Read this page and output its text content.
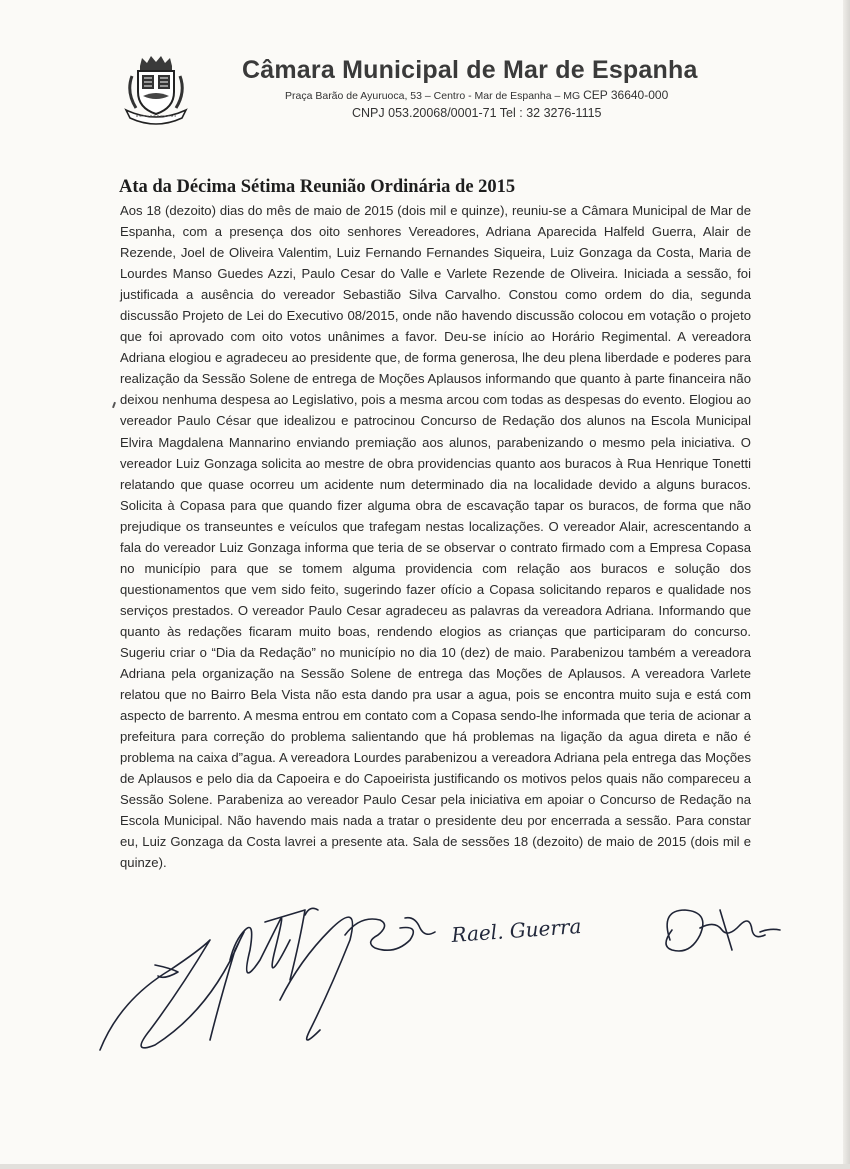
Câmara Municipal de Mar de Espanha
Praça Barão de Ayuruoca, 53 – Centro - Mar de Espanha – MG CEP 36640-000
CNPJ 053.20068/0001-71 Tel : 32 3276-1115
Ata da Décima Sétima Reunião Ordinária de 2015

Aos 18 (dezoito) dias do mês de maio de 2015 (dois mil e quinze), reuniu-se a Câmara Municipal de Mar de Espanha, com a presença dos oito senhores Vereadores, Adriana Aparecida Halfeld Guerra, Alair de Rezende, Joel de Oliveira Valentim, Luiz Fernando Fernandes Siqueira, Luiz Gonzaga da Costa, Maria de Lourdes Manso Guedes Azzi, Paulo Cesar do Valle e Varlete Rezende de Oliveira. Iniciada a sessão, foi justificada a ausência do vereador Sebastião Silva Carvalho. Constou como ordem do dia, segunda discussão Projeto de Lei do Executivo 08/2015, onde não havendo discussão colocou em votação o projeto que foi aprovado com oito votos unânimes a favor. Deu-se início ao Horário Regimental. A vereadora Adriana elogiou e agradeceu ao presidente que, de forma generosa, lhe deu plena liberdade e poderes para realização da Sessão Solene de entrega de Moções Aplausos informando que quanto à parte financeira não deixou nenhuma despesa ao Legislativo, pois a mesma arcou com todas as despesas do evento. Elogiou ao vereador Paulo César que idealizou e patrocinou Concurso de Redação dos alunos na Escola Municipal Elvira Magdalena Mannarino enviando premiação aos alunos, parabenizando o mesmo pela iniciativa. O vereador Luiz Gonzaga solicita ao mestre de obra providencias quanto aos buracos à Rua Henrique Tonetti relatando que quase ocorreu um acidente num determinado dia na localidade devido a alguns buracos. Solicita à Copasa para que quando fizer alguma obra de escavação tapar os buracos, de forma que não prejudique os transeuntes e veículos que trafegam nestas localizações. O vereador Alair, acrescentando a fala do vereador Luiz Gonzaga informa que teria de se observar o contrato firmado com a Empresa Copasa no município para que se tomem alguma providencia com relação aos buracos e solução dos questionamentos que vem sido feito, sugerindo fazer ofício a Copasa solicitando reparos e qualidade nos serviços prestados. O vereador Paulo Cesar agradeceu as palavras da vereadora Adriana. Informando que quanto às redações ficaram muito boas, rendendo elogios as crianças que participaram do concurso. Sugeriu criar o “Dia da Redação” no município no dia 10 (dez) de maio. Parabenizou também a vereadora Adriana pela organização na Sessão Solene de entrega das Moções de Aplausos. A vereadora Varlete relatou que no Bairro Bela Vista não esta dando pra usar a agua, pois se encontra muito suja e está com aspecto de barrento. A mesma entrou em contato com a Copasa sendo-lhe informada que teria de acionar a prefeitura para correção do problema salientando que há problemas na ligação da agua direta e não é problema na caixa d”agua. A vereadora Lourdes parabenizou a vereadora Adriana pela entrega das Moções de Aplausos e pelo dia da Capoeira e do Capoeirista justificando os motivos pelos quais não compareceu a Sessão Solene. Parabeniza ao vereador Paulo Cesar pela iniciativa em apoiar o Concurso de Redação na Escola Municipal. Não havendo mais nada a tratar o presidente deu por encerrada a sessão. Para constar eu, Luiz Gonzaga da Costa lavrei a presente ata. Sala de sessões 18 (dezoito) de maio de 2015 (dois mil e quinze).

Rael. Guerra
